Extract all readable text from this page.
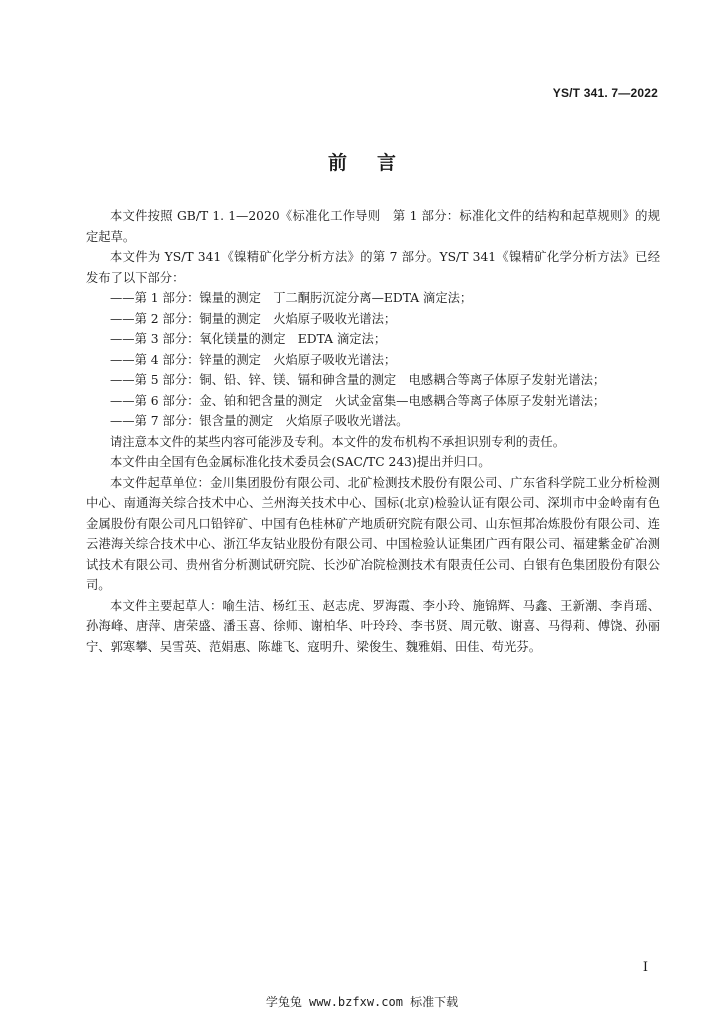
YS/T 341. 7—2022
前 言

本文件按照 GB/T 1. 1—2020《标准化工作导则　第 1 部分：标准化文件的结构和起草规则》的规定起草。

本文件为 YS/T 341《镍精矿化学分析方法》的第 7 部分。YS/T 341《镍精矿化学分析方法》已经发布了以下部分：

——第 1 部分：镍量的测定　丁二酮肟沉淀分离—EDTA 滴定法；

——第 2 部分：铜量的测定　火焰原子吸收光谱法；

——第 3 部分：氧化镁量的测定　EDTA 滴定法；

——第 4 部分：锌量的测定　火焰原子吸收光谱法；

——第 5 部分：铜、铅、锌、镁、镉和砷含量的测定　电感耦合等离子体原子发射光谱法；

——第 6 部分：金、铂和钯含量的测定　火试金富集—电感耦合等离子体原子发射光谱法；

——第 7 部分：银含量的测定　火焰原子吸收光谱法。

请注意本文件的某些内容可能涉及专利。本文件的发布机构不承担识别专利的责任。

本文件由全国有色金属标准化技术委员会(SAC/TC 243)提出并归口。

本文件起草单位：金川集团股份有限公司、北矿检测技术股份有限公司、广东省科学院工业分析检测中心、南通海关综合技术中心、兰州海关技术中心、国标(北京)检验认证有限公司、深圳市中金岭南有色金属股份有限公司凡口铅锌矿、中国有色桂林矿产地质研究院有限公司、山东恒邦冶炼股份有限公司、连云港海关综合技术中心、浙江华友钴业股份有限公司、中国检验认证集团广西有限公司、福建紫金矿冶测试技术有限公司、贵州省分析测试研究院、长沙矿冶院检测技术有限责任公司、白银有色集团股份有限公司。

本文件主要起草人：喻生洁、杨红玉、赵志虎、罗海霞、李小玲、施锦辉、马鑫、王新潮、李肖瑶、孙海峰、唐萍、唐荣盛、潘玉喜、徐师、谢柏华、叶玲玲、李书贤、周元敬、谢喜、马得莉、傅饶、孙丽宁、郭寒攀、吴雪英、范娟惠、陈雄飞、寇明升、梁俊生、魏雅娟、田佳、苟光芬。

I
学兔兔 www.bzfxw.com 标准下载
